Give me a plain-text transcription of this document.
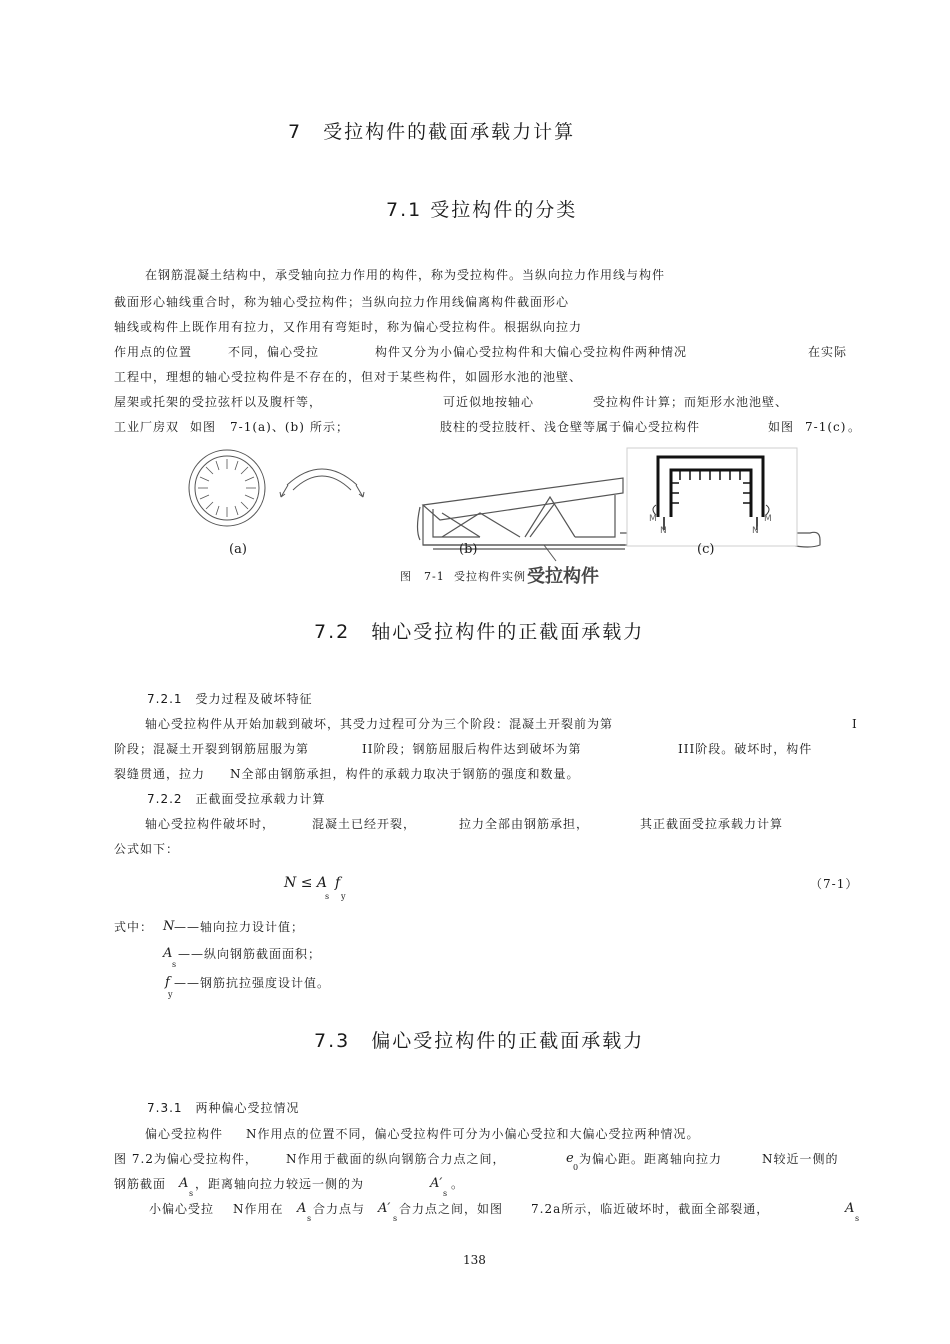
7　受拉构件的截面承载力计算
7.1 受拉构件的分类
　在钢筋混凝土结构中，承受轴向拉力作用的构件，称为受拉构件。当纵向拉力作用线与构件
截面形心轴线重合时，称为轴心受拉构件；当纵向拉力作用线偏离构件截面形心
轴线或构件上既作用有拉力，又作用有弯矩时，称为偏心受拉构件。根据纵向拉力
作用点的位置	不同，偏心受拉	构件又分为小偏心受拉构件和大偏心受拉构件两种情况	在实际
工程中，理想的轴心受拉构件是不存在的，但对于某些构件，如圆形水池的池壁、
屋架或托架的受拉弦杆以及腹杆等，	可近似地按轴心	受拉构件计算；而矩形水池池壁、
工业厂房双 如图 7-1(a)、(b) 所示；	肢柱的受拉肢杆、浅仓壁等属于偏心受拉构件	如图 7-1(c) 。
M
N	N
M
(a)	(b)	(c)
图　7-1 受拉构件实例 受拉构件
7.2　轴心受拉构件的正截面承载力
7.2.1　受力过程及破坏特征
　轴心受拉构件从开始加载到破坏，其受力过程可分为三个阶段：混凝土开裂前为第	I
阶段；混凝土开裂到钢筋屈服为第	II阶段；钢筋屈服后构件达到破坏为第	III阶段。破坏时，构件
裂缝贯通，拉力 N全部由钢筋承担，构件的承载力取决于钢筋的强度和数量。
7.2.2　正截面受拉承载力计算
　轴心受拉构件破坏时，	混凝土已经开裂，	拉力全部由钢筋承担，	其正截面受拉承载力计算
公式如下：
N ≤ A
s
f
y
（7-1）
式中： N ——轴向拉力设计值；
A
s
——纵向钢筋截面面积；
f
y
——钢筋抗拉强度设计值。
7.3　偏心受拉构件的正截面承载力
7.3.1　两种偏心受拉情况
　偏心受拉构件 N作用点的位置不同，偏心受拉构件可分为小偏心受拉和大偏心受拉两种情况。
图 7.2为偏心受拉构件， N作用于截面的纵向钢筋合力点之间，	e
0
为偏心距。距离轴向拉力	N较近一侧的
钢筋截面 A
s
，距离轴向拉力较远一侧的为	A′
s
。
　小偏心受拉 N作用在 A
s
合力点与 A′
s
合力点之间，如图 7.2a所示，临近破坏时，截面全部裂通，	A
s
138
